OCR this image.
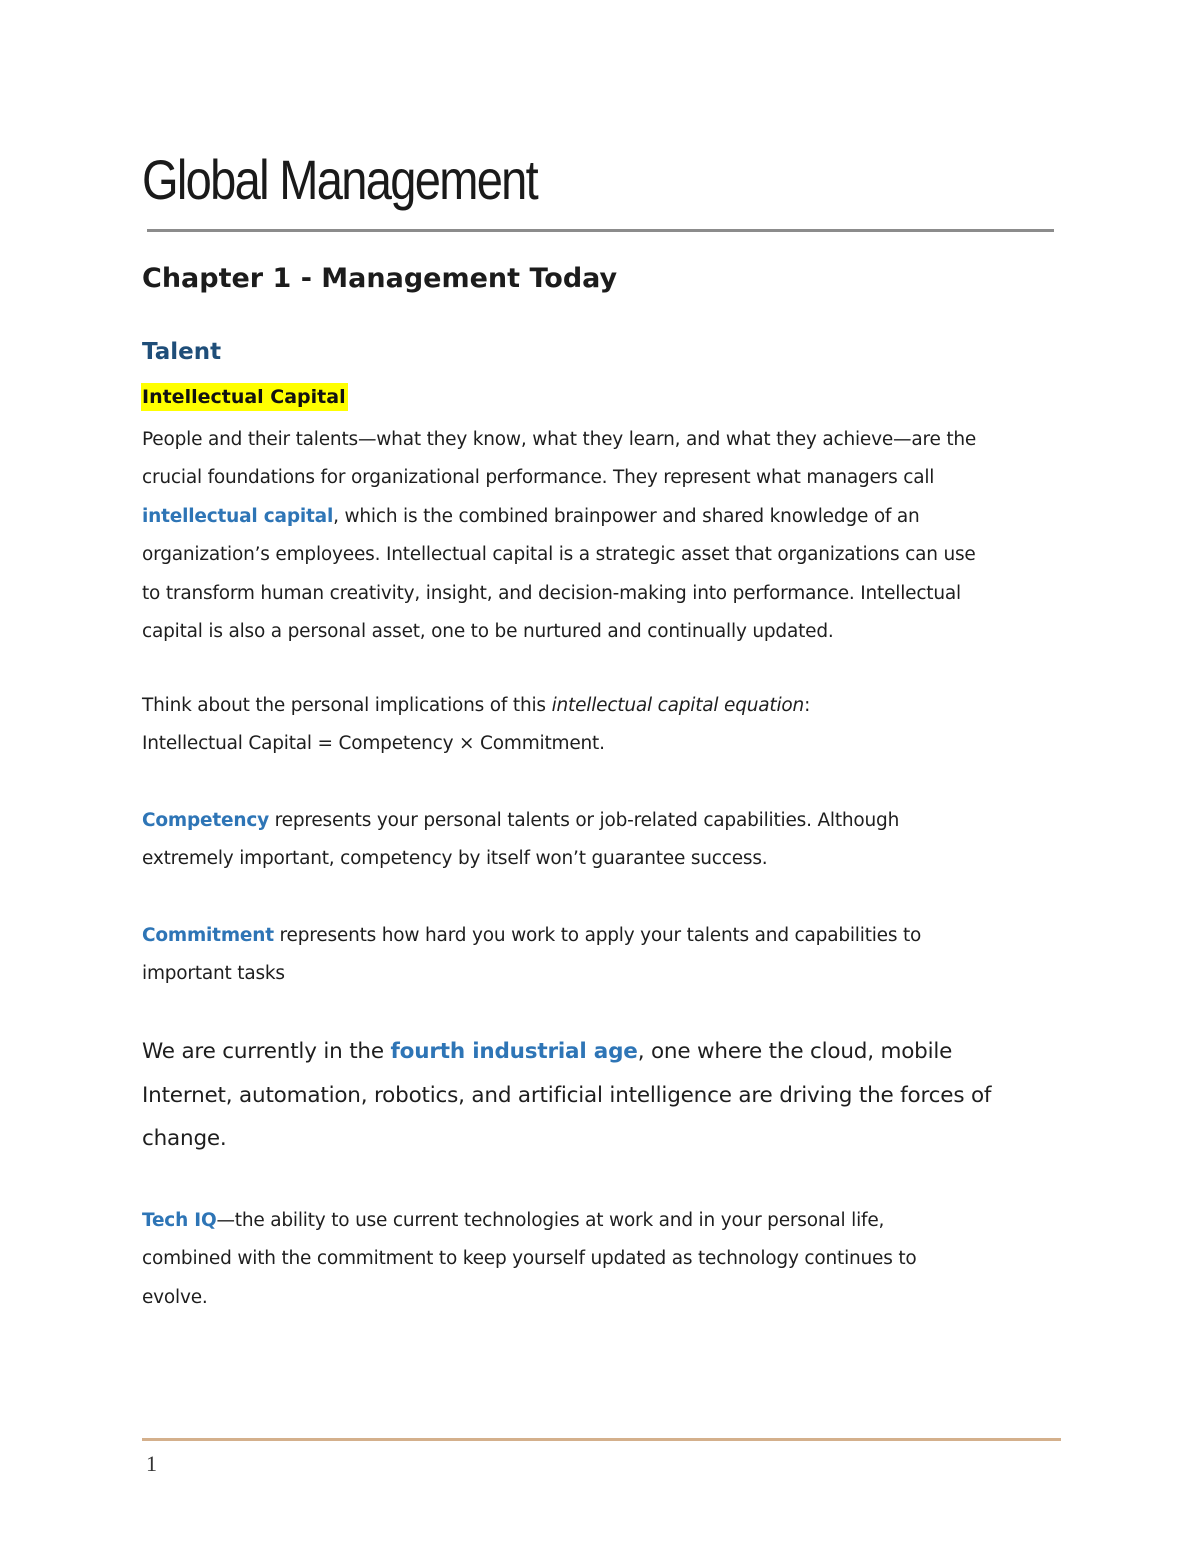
Global Management
Chapter 1 - Management Today
Talent
Intellectual Capital
People and their talents—what they know, what they learn, and what they achieve—are the
crucial foundations for organizational performance. They represent what managers call
intellectual capital, which is the combined brainpower and shared knowledge of an
organization’s employees. Intellectual capital is a strategic asset that organizations can use
to transform human creativity, insight, and decision-making into performance. Intellectual
capital is also a personal asset, one to be nurtured and continually updated.
Think about the personal implications of this intellectual capital equation:
Intellectual Capital = Competency × Commitment.
Competency represents your personal talents or job-related capabilities. Although
extremely important, competency by itself won’t guarantee success.
Commitment represents how hard you work to apply your talents and capabilities to
important tasks
We are currently in the fourth industrial age, one where the cloud, mobile
Internet, automation, robotics, and artificial intelligence are driving the forces of
change.
Tech IQ—the ability to use current technologies at work and in your personal life,
combined with the commitment to keep yourself updated as technology continues to
evolve.
1
